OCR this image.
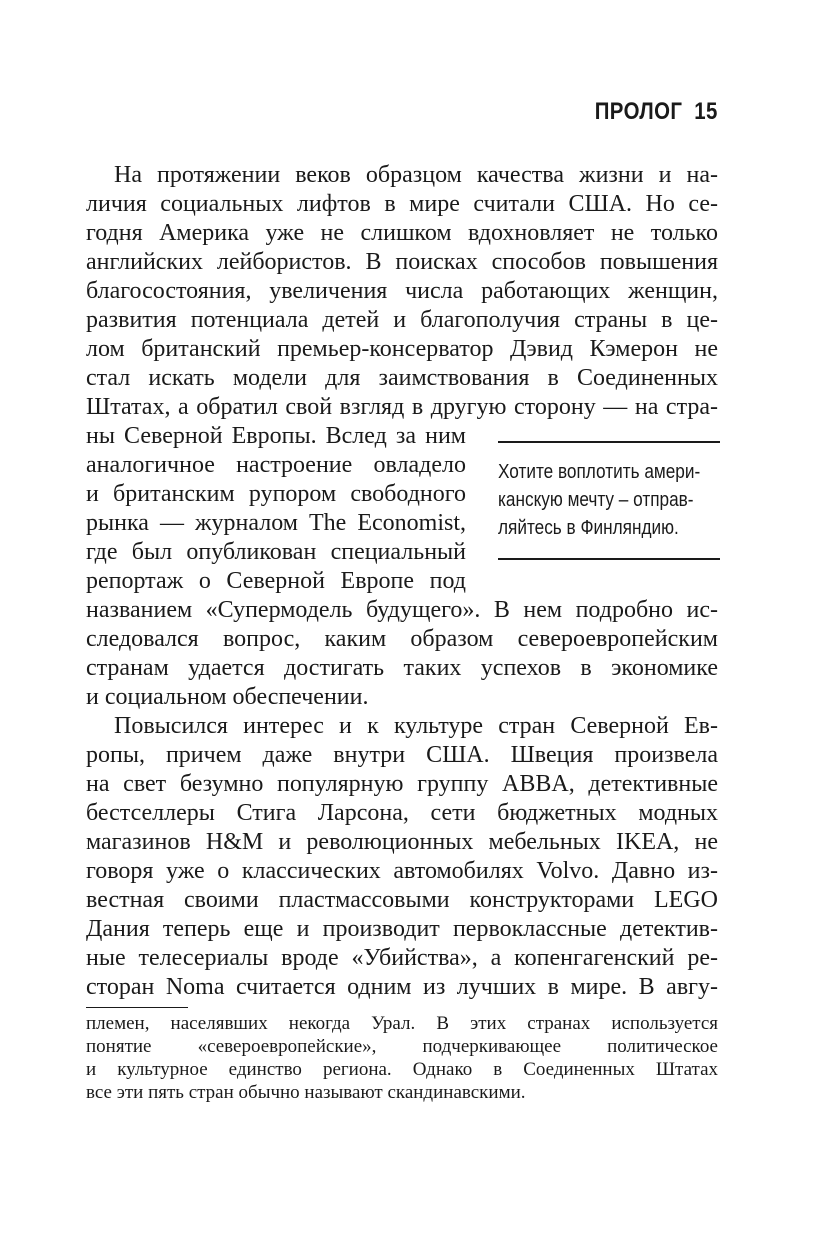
ПРОЛОГ 15
На протяжении веков образцом качества жизни и на-
личия социальных лифтов в мире считали США. Но се-
годня Америка уже не слишком вдохновляет не только
английских лейбористов. В поисках способов повышения
благосостояния, увеличения числа работающих женщин,
развития потенциала детей и благополучия страны в це-
лом британский премьер-консерватор Дэвид Кэмерон не
стал искать модели для заимствования в Соединенных
Штатах, а обратил свой взгляд в другую сторону — на стра-
ны Северной Европы. Вслед за ним
аналогичное настроение овладело
и британским рупором свободного
рынка — журналом The Economist,
где был опубликован специальный
репортаж о Северной Европе под
названием «Супермодель будущего». В нем подробно ис-
следовался вопрос, каким образом североевропейским
странам удается достигать таких успехов в экономике
и социальном обеспечении.
Повысился интерес и к культуре стран Северной Ев-
ропы, причем даже внутри США. Швеция произвела
на свет безумно популярную группу ABBA, детективные
бестселлеры Стига Ларсона, сети бюджетных модных
магазинов H&M и революционных мебельных IKEA, не
говоря уже о классических автомобилях Volvo. Давно из-
вестная своими пластмассовыми конструкторами LEGO
Дания теперь еще и производит первоклассные детектив-
ные телесериалы вроде «Убийства», а копенгагенский ре-
сторан Noma считается одним из лучших в мире. В авгу-
Хотите воплотить амери-
канскую мечту – отправ-
ляйтесь в Финляндию.
племен, населявших некогда Урал. В этих странах используется
понятие «североевропейские», подчеркивающее политическое
и культурное единство региона. Однако в Соединенных Штатах
все эти пять стран обычно называют скандинавскими.
